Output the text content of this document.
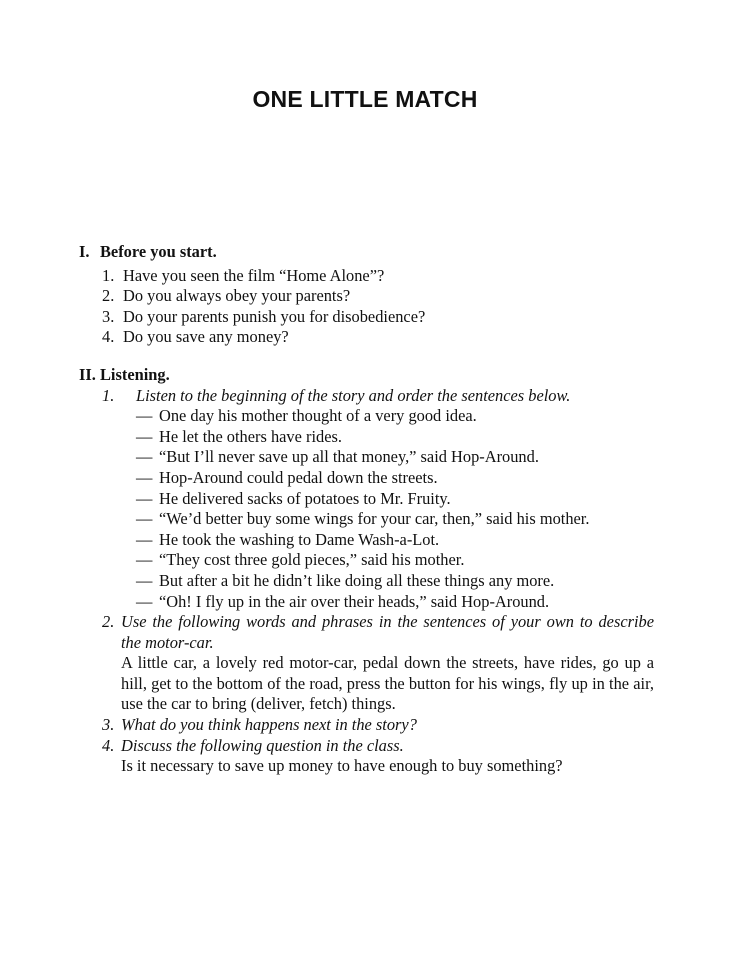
ONE LITTLE MATCH
I. Before you start.
1. Have you seen the film “Home Alone”?
2. Do you always obey your parents?
3. Do your parents punish you for disobedience?
4. Do you save any money?
II. Listening.
1. Listen to the beginning of the story and order the sentences below.
— One day his mother thought of a very good idea.
— He let the others have rides.
— “But I’ll never save up all that money,” said Hop-Around.
— Hop-Around could pedal down the streets.
— He delivered sacks of potatoes to Mr. Fruity.
— “We’d better buy some wings for your car, then,” said his mother.
— He took the washing to Dame Wash-a-Lot.
— “They cost three gold pieces,” said his mother.
— But after a bit he didn’t like doing all these things any more.
— “Oh! I fly up in the air over their heads,” said Hop-Around.
2. Use the following words and phrases in the sentences of your own to describe the motor-car.
A little car, a lovely red motor-car, pedal down the streets, have rides, go up a hill, get to the bottom of the road, press the button for his wings, fly up in the air, use the car to bring (deliver, fetch) things.
3. What do you think happens next in the story?
4. Discuss the following question in the class.
Is it necessary to save up money to have enough to buy something?
